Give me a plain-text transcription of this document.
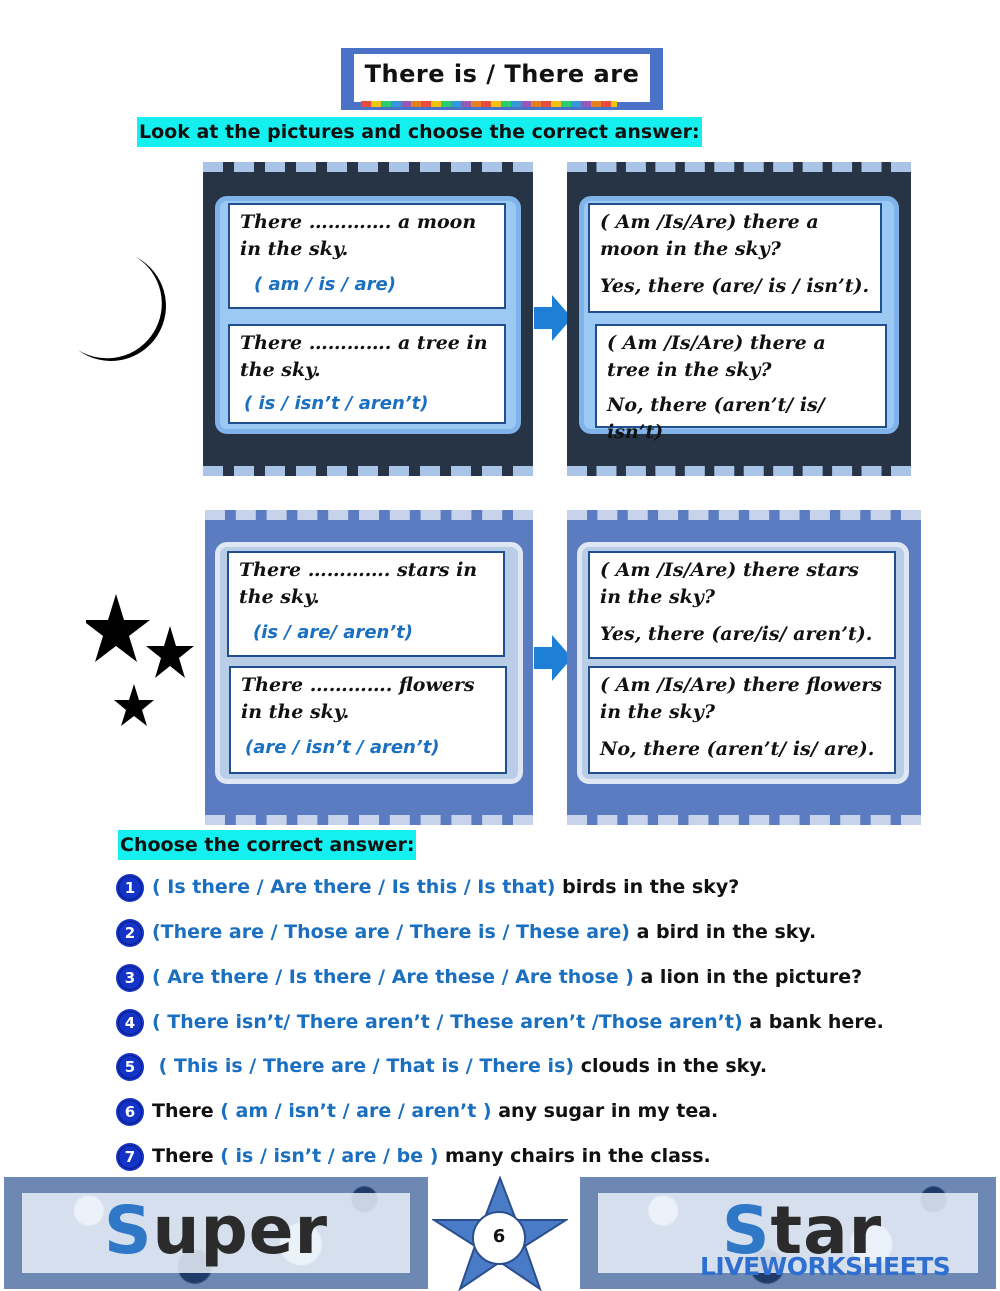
There is / There are
Look at the pictures and choose the correct answer:
There …………. a moon in the sky.
( am / is / are)
There …………. a tree in the sky.
( is / isn’t / aren’t)
( Am /Is/Are) there a moon in the sky?
Yes, there (are/ is / isn’t).
( Am /Is/Are) there a tree in the sky?
No, there (aren’t/ is/ isn’t)
There …………. stars in the sky.
(is / are/ aren’t)
There …………. flowers in the sky.
(are / isn’t / aren’t)
( Am /Is/Are) there stars in the sky?
Yes, there (are/is/ aren’t).
( Am /Is/Are) there flowers in the sky?
No, there (aren’t/ is/ are).
Choose the correct answer:
1 ( Is there / Are there / Is this / Is that) birds in the sky?
2 (There are / Those are / There is / These are) a bird in the sky.
3 ( Are there / Is there / Are these / Are those ) a lion in the picture?
4 ( There isn’t/ There aren’t / These aren’t /Those aren’t) a bank here.
5 ( This is / There are / That is / There is) clouds in the sky.
6 There ( am / isn’t / are / aren’t ) any sugar in my tea.
7 There ( is / isn’t / are / be ) many chairs in the class.
Super	Star
6
LIVEWORKSHEETS
